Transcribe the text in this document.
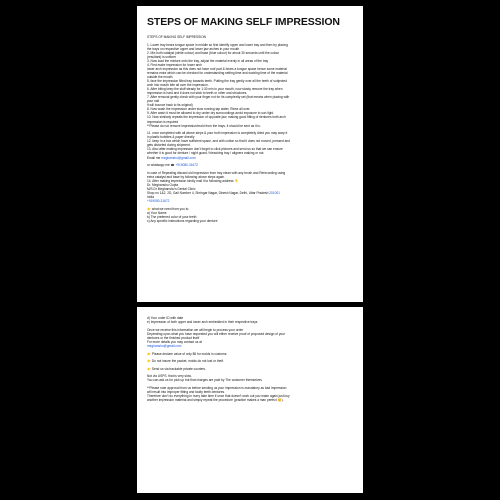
STEPS OF MAKING SELF IMPRESSION
STEPS OF MAKING SELF IMPRESSION
1. Lower tray bears tongue space in middle so first identify upper and lower tray and then try placing
the trays on respective upper and lower jaw arches in your mouth
2. Mix both catalyst (white colour) and base (blue colour) for about 30 seconds until the colour
(resultant) is uniform
3. Now load the mixture onto the tray, adjust the material evenly in all areas of the tray
4. First make impression for lower arch
lower arch impression as this does not have roof part & bears a tongue space hence some material
remains extra which can be checked for understanding setting time and working time of the material
outside the mouth.
5. face the impression filled tray towards teeth. Putting the tray gently over all the teeth of subjected
arch into mouth bite all over the impression.
6. After biting keep the stuff steady for 1:30 min in your mouth, now slowly remove the tray when
impression is hard and it does not stick to teeth or other oral structures.
7. After removal gently check with your finger not for its complexity set (that means when placing with
your nail
it will bounce back to its original)
8. Now wash the impression under slow running tap water, Rinse all over.
9. After wash it must be allowed to dry under dry surroundings avoid exposure to sun light.
10. Now similarly repeats the impression of opposite jaw, making good fitting of dentures both arch
impression is required
**Please do not remove impression/mold from the trays, it should be sent as it is.
11. once completed with all above steps & your both impression is completely dried you may warp it
in plastic bubbles & paper directly
12. keep in a box which have sufficient space, and with cotton so that it does not moved, pressed and
gets distorted during shipment.
13. Also after making impression don't forget to click pictures and send us so that we can ensure
whether it is good for denture / night guard / bleaching tray / aligners making or not.
Email me meghanshu@gmail.com
or whatsapp me ☎ +919080-31672
In case of Repeating discard old impression from tray clean with any brush and Rerecording using
extra catalyst and base by following above steps again.
14. After making impression kindly mail it to following address 👇
Dr. Meghanshu Gupta
M/S.Dr Meghanshu's Dental Clinic
Shop no 1&2, 2D, Gali Number 4, Shringar Nagar, Dinesh Nagar, Delhi, Uttar Pradesh 201001
India
+919080-31672
👉 what we need from you is:
a) Your Name
b) The preferred color of your teeth
c) Any specific instructions regarding your denture
d) Your order ID with date
e) Impression of both upper and lower arch embedded in their respective trays
Once we receive this information we will begin to process your order
Depending upon what you have requested you will either receive proof of proposed design of your
dentures or the finished product itself
For more details you may contact us at
meghanshu@gmail.com
👉 Please declare value of only $6 for molds in customs.
👉 Do not insure the packet, molds do not lost or theft.
👉 Send us via trackable private couriers.
Not via USPS. that is very slow.
You can ask us for pick up but that charges are paid by The customer themselves
**Please note approval from us before sending us your impression is mandatory as bad impression
will result into improper fitting and faulty teeth dentures.
Therefore don't do everything in hurry take time if once that doesn't work out you make again just buy
another impression material and simply repeat the procedure (practice makes a man perfect 😊).
